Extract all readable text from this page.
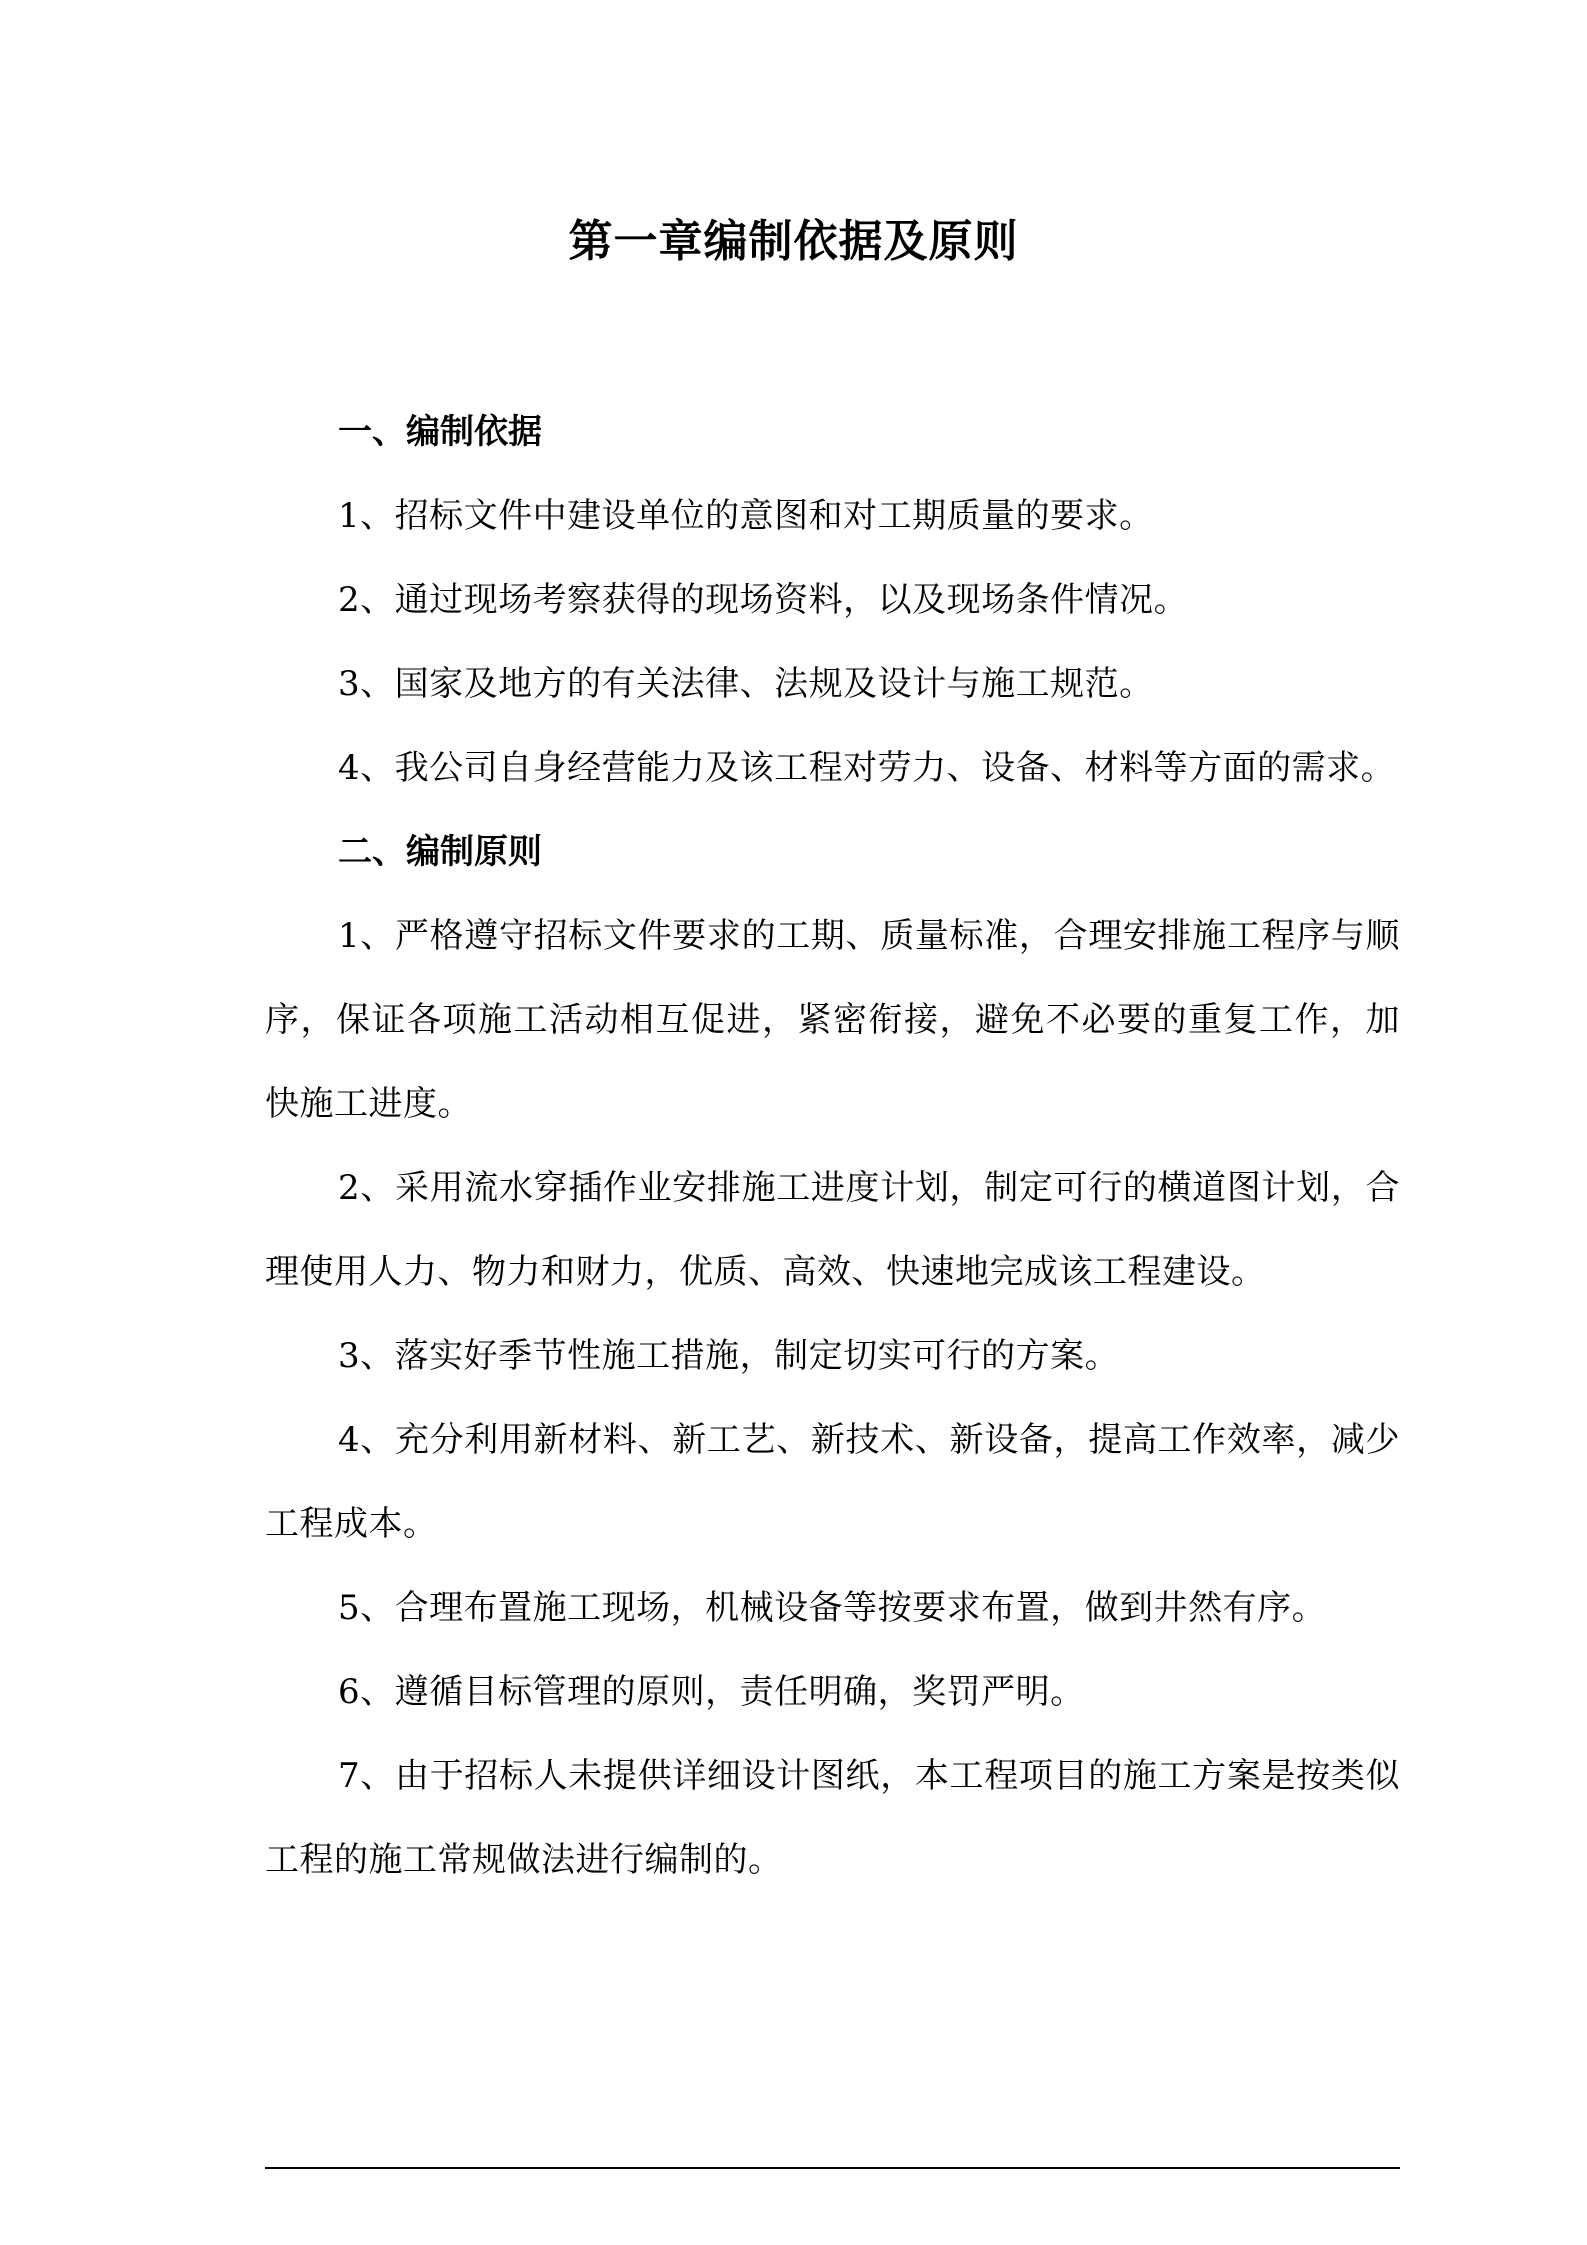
第一章编制依据及原则

一、编制依据

1、招标文件中建设单位的意图和对工期质量的要求。

2、通过现场考察获得的现场资料，以及现场条件情况。

3、国家及地方的有关法律、法规及设计与施工规范。

4、我公司自身经营能力及该工程对劳力、设备、材料等方面的需求。

二、编制原则

1、严格遵守招标文件要求的工期、质量标准，合理安排施工程序与顺序，保证各项施工活动相互促进，紧密衔接，避免不必要的重复工作，加快施工进度。

2、采用流水穿插作业安排施工进度计划，制定可行的横道图计划，合理使用人力、物力和财力，优质、高效、快速地完成该工程建设。

3、落实好季节性施工措施，制定切实可行的方案。

4、充分利用新材料、新工艺、新技术、新设备，提高工作效率，减少工程成本。

5、合理布置施工现场，机械设备等按要求布置，做到井然有序。

6、遵循目标管理的原则，责任明确，奖罚严明。

7、由于招标人未提供详细设计图纸，本工程项目的施工方案是按类似工程的施工常规做法进行编制的。
